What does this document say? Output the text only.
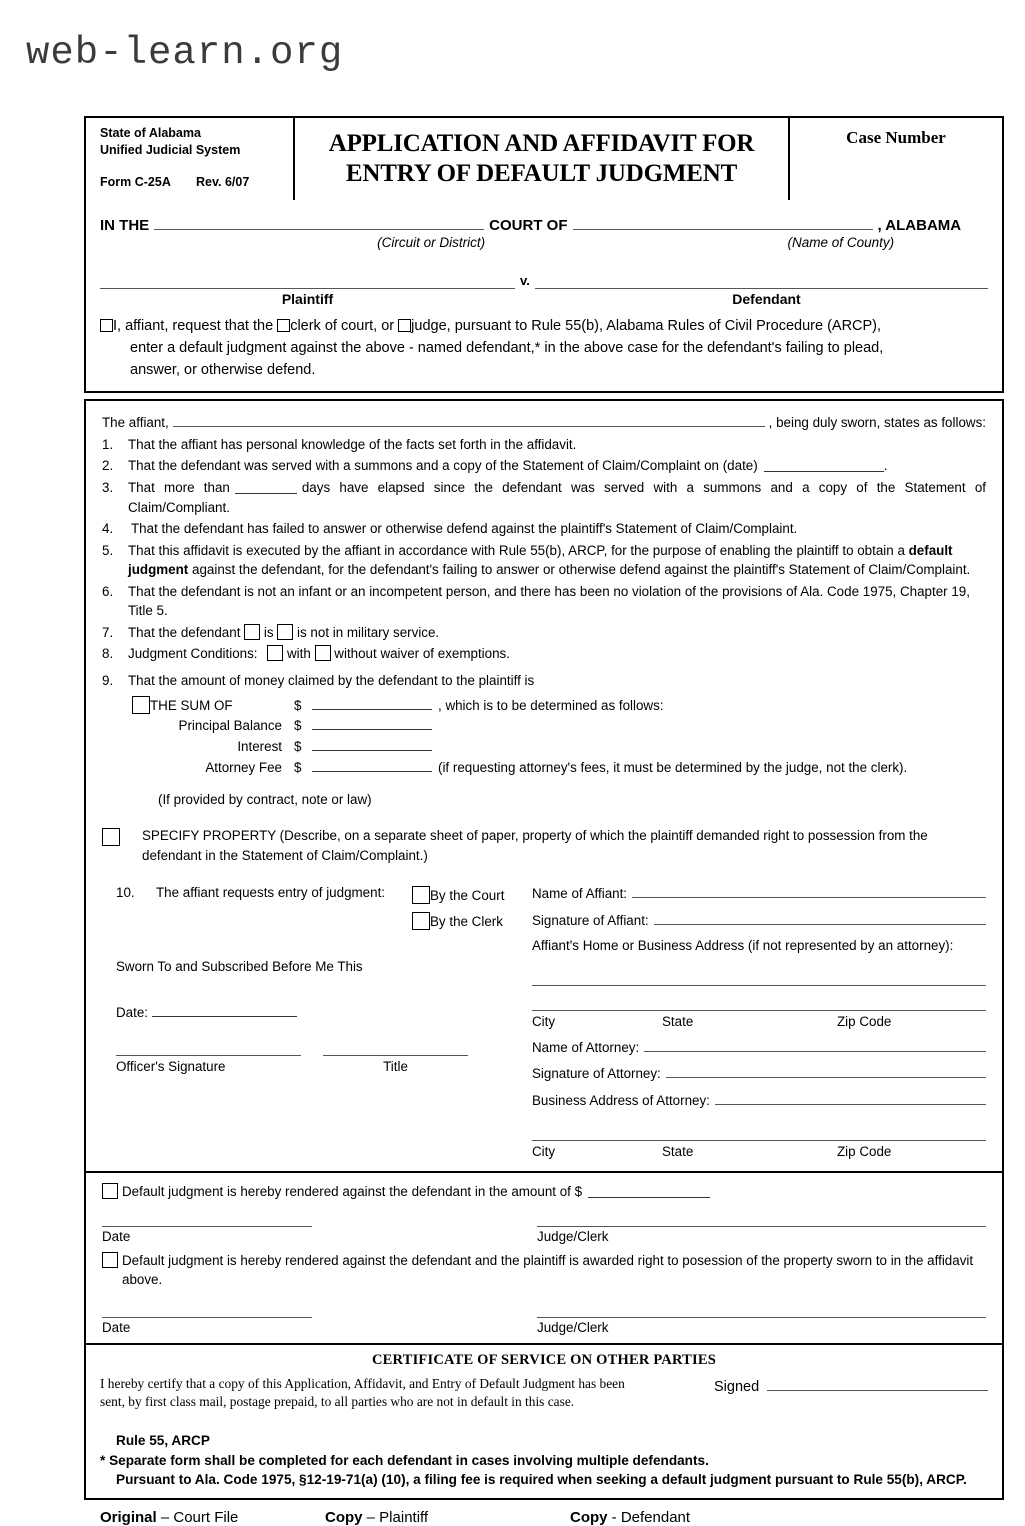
web-learn.org
State of Alabama
Unified Judicial System
Form C-25A	Rev. 6/07
APPLICATION AND AFFIDAVIT FOR
ENTRY OF DEFAULT JUDGMENT
Case Number
IN THE	COURT OF	, ALABAMA
(Circuit or District)	(Name of County)
v.
Plaintiff	Defendant

I, affiant, request that the clerk of court, or judge, pursuant to Rule 55(b), Alabama Rules of Civil Procedure (ARCP),

enter a default judgment against the above - named defendant,* in the above case for the defendant's failing to plead,

answer, or otherwise defend.

The affiant,	, being duly sworn, states as follows:
1.	That the affiant has personal knowledge of the facts set forth in the affidavit.
2.	That the defendant was served with a summons and a copy of the Statement of Claim/Complaint on (date)	.
3.	That more than	days have elapsed since the defendant was served with a summons and a copy of the Statement of Claim/Compliant.
4.	That the defendant has failed to answer or otherwise defend against the plaintiff's Statement of Claim/Complaint.
5.	That this affidavit is executed by the affiant in accordance with Rule 55(b), ARCP, for the purpose of enabling the plaintiff to obtain a default judgment against the defendant, for the defendant's failing to answer or otherwise defend against the plaintiff's Statement of Claim/Complaint.
6.	That the defendant is not an infant or an incompetent person, and there has been no violation of the provisions of Ala. Code 1975, Chapter 19, Title 5.
7.	That the defendant is is not in military service.
8.	Judgment Conditions: with without waiver of exemptions.
9.	That the amount of money claimed by the defendant to the plaintiff is
THE SUM OF	$	, which is to be determined as follows:
Principal Balance $
Interest $
Attorney Fee $	(if requesting attorney's fees, it must be determined by the judge, not the clerk).
(If provided by contract, note or law)
SPECIFY PROPERTY (Describe, on a separate sheet of paper, property of which the plaintiff demanded right to possession from the defendant in the Statement of Claim/Complaint.)
10.	The affiant requests entry of judgment:	By the Court
By the Clerk
Sworn To and Subscribed Before Me This
Date:
Officer's Signature	Title
Name of Affiant:
Signature of Affiant:
Affiant's Home or Business Address (if not represented by an attorney):
City	State	Zip Code
Name of Attorney:
Signature of Attorney:
Business Address of Attorney:
City	State	Zip Code
Default judgment is hereby rendered against the defendant in the amount of $
Date	Judge/Clerk
Default judgment is hereby rendered against the defendant and the plaintiff is awarded right to posession of the property sworn to in the affidavit above.
Date	Judge/Clerk
CERTIFICATE OF SERVICE ON OTHER PARTIES
I hereby certify that a copy of this Application, Affidavit, and Entry of Default Judgment has been
sent, by first class mail, postage prepaid, to all parties who are not in default in this case.
Signed
Rule 55, ARCP
* Separate form shall be completed for each defendant in cases involving multiple defendants.
Pursuant to Ala. Code 1975, §12-19-71(a) (10), a filing fee is required when seeking a default judgment pursuant to Rule 55(b), ARCP.
Original – Court File	Copy – Plaintiff	Copy - Defendant
